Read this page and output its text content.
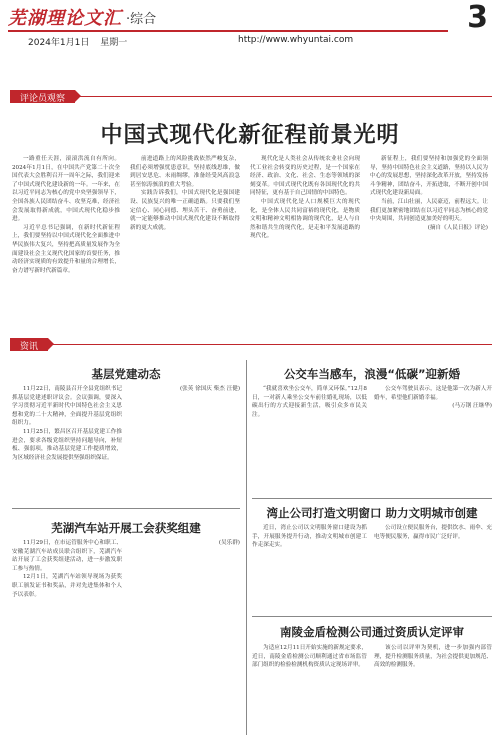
芜湖理论文汇 ·综合	3
2024年1月1日 星期一	http://www.whyuntai.com
评论员观察
中国式现代化新征程前景光明

一路重任天涯，滚滚洪流自有所向。2024年1月1日，在中国共产党第二十次全国代表大会胜利召开一周年之际，我们迎来了中国式现代化建设新的一年。一年来，在以习近平同志为核心的党中央坚强领导下，全国各族人民团结奋斗、攻坚克难，经济社会发展取得新成就，中国式现代化稳步推进。

习近平总书记强调，在新时代新征程上，我们要坚持以中国式现代化全面推进中华民族伟大复兴，坚持把高质量发展作为全面建设社会主义现代化国家的首要任务，推动经济实现质的有效提升和量的合理增长，奋力谱写新时代新篇章。

前进道路上的风险挑战依然严峻复杂，我们必须增强忧患意识，坚持底线思维，做到居安思危、未雨绸缪，准备经受风高浪急甚至惊涛骇浪的重大考验。

实践告诉我们，中国式现代化是强国建设、民族复兴的唯一正确道路。只要我们坚定信心、同心同德、埋头苦干、奋勇前进，就一定能够推动中国式现代化建设不断取得新的更大成就。

现代化是人类社会从传统农业社会向现代工业社会转变的历史过程，是一个国家在经济、政治、文化、社会、生态等领域的深刻变革。中国式现代化既有各国现代化的共同特征，更有基于自己国情的中国特色。

中国式现代化是人口规模巨大的现代化，是全体人民共同富裕的现代化，是物质文明和精神文明相协调的现代化，是人与自然和谐共生的现代化，是走和平发展道路的现代化。

新征程上，我们要坚持和加强党的全面领导，坚持中国特色社会主义道路，坚持以人民为中心的发展思想，坚持深化改革开放，坚持发扬斗争精神，团结奋斗，开拓进取，不断开创中国式现代化建设新局面。

当前，江山壮丽，人民豪迈，前程远大。让我们更加紧密地团结在以习近平同志为核心的党中央周围，共同创造更加美好的明天。

(摘自《人民日报》评论)
资讯
基层党建动态

11月22日，南陵县召开全县党组织书记抓基层党建述职评议会。会议强调，要深入学习贯彻习近平新时代中国特色社会主义思想和党的二十大精神，全面提升基层党组织组织力。

11月25日，繁昌区召开基层党建工作推进会，要求各级党组织坚持问题导向，补短板、强弱项，推动基层党建工作提质增效，为区域经济社会发展提供坚强组织保证。

(张英 徐国庆 柴杰 汪健)
芜湖汽车站开展工会获奖组建

11月29日，在市运管服务中心和职工、安徽芜湖汽车站成员联合组织下，芜湖汽车站开展了工会获奖组建活动，进一步激发职工参与热情。

12月1日，芜湖汽车站领导现场为获奖职工颁发证书和奖品，并对先进集体和个人予以表彰。

(吴乐群)
公交车当感车，浪漫“低碳”迎新婚

“我就喜欢坐公交车，简单又环保。”12月8日，一对新人乘坐公交车前往婚礼现场，以低碳出行的方式迎接新生活，吸引众多市民关注。

公交车驾驶员表示，这是他第一次为新人开婚车，希望他们新婚幸福。

(马万钢 汪继华)
湾止公司打造文明窗口 助力文明城市创建

近日，湾止公司以文明服务窗口建设为抓手，开展服务提升行动，推动文明城市创建工作走深走实。

公司设立便民服务台，提供饮水、雨伞、充电等便民服务，赢得市民广泛好评。

南陵金盾检测公司通过资质认定评审

为适应12月11日开始实施的新规定要求，近日，南陵金盾检测公司顺利通过省市场监管部门组织的检验检测机构资质认定现场评审。

该公司以评审为契机，进一步加强内部管理，提升检测服务质量，为社会提供更加规范、高效的检测服务。
